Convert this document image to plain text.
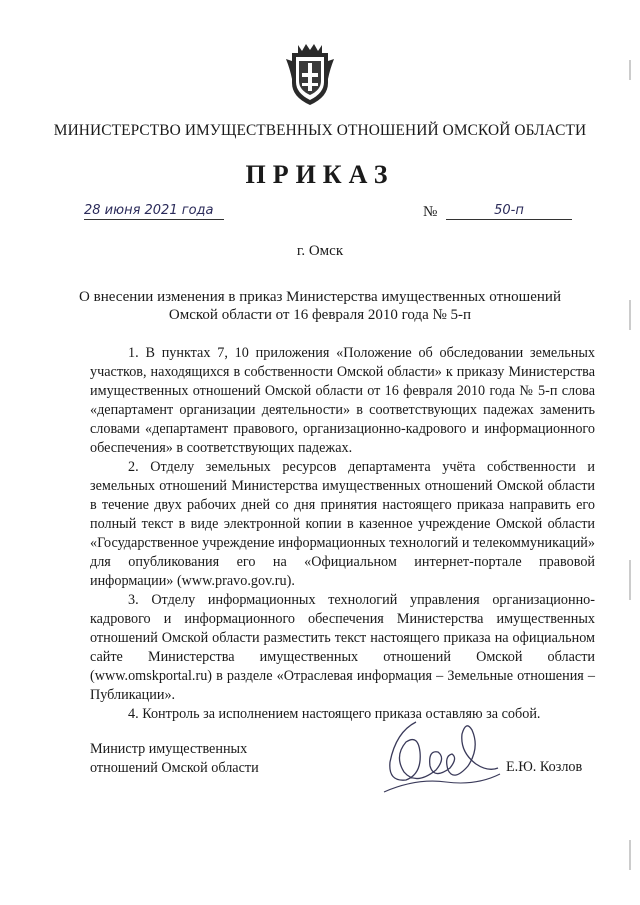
МИНИСТЕРСТВО ИМУЩЕСТВЕННЫХ ОТНОШЕНИЙ ОМСКОЙ ОБЛАСТИ
ПРИКАЗ
28 июня 2021 года	№	50-п
г. Омск
О внесении изменения в приказ Министерства имущественных отношений
Омской области от 16 февраля 2010 года № 5-п

1. В пунктах 7, 10 приложения «Положение об обследовании земельных участков, находящихся в собственности Омской области» к приказу Министерства имущественных отношений Омской области от 16 февраля 2010 года № 5-п слова «департамент организации деятельности» в соответствующих падежах заменить словами «департамент правового, организационно-кадрового и информационного обеспечения» в соответствующих падежах.

2. Отделу земельных ресурсов департамента учёта собственности и земельных отношений Министерства имущественных отношений Омской области в течение двух рабочих дней со дня принятия настоящего приказа направить его полный текст в виде электронной копии в казенное учреждение Омской области «Государственное учреждение информационных технологий и телекоммуникаций» для опубликования его на «Официальном интернет-портале правовой информации» (www.pravo.gov.ru).

3. Отделу информационных технологий управления организационно-кадрового и информационного обеспечения Министерства имущественных отношений Омской области разместить текст настоящего приказа на официальном сайте Министерства имущественных отношений Омской области (www.omskportal.ru) в разделе «Отраслевая информация – Земельные отношения – Публикации».

4. Контроль за исполнением настоящего приказа оставляю за собой.

Министр имущественных
отношений Омской области	Е.Ю. Козлов
